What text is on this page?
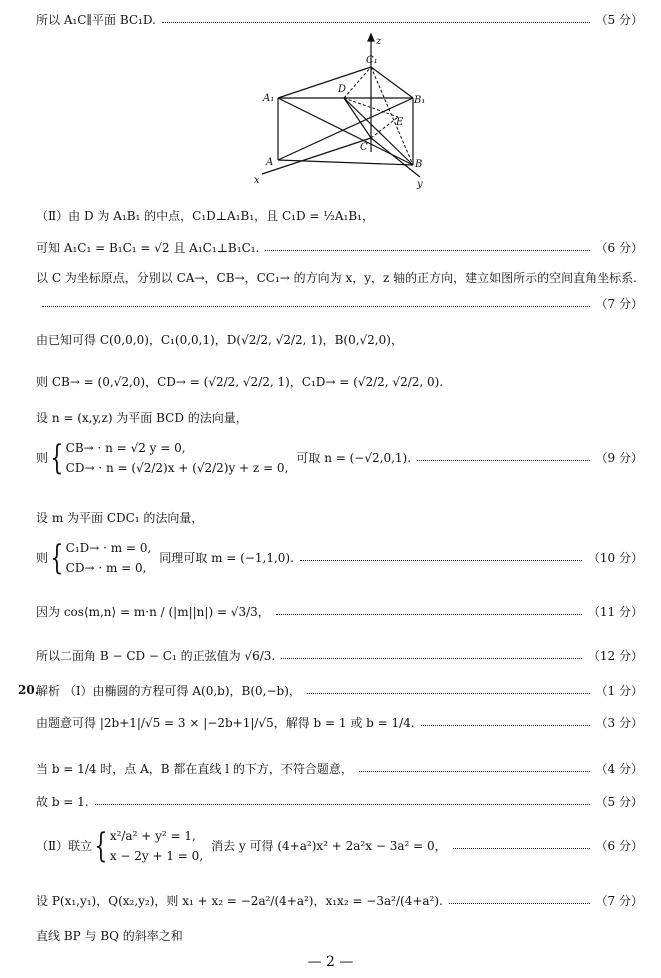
所以 A₁C∥平面 BC₁D.	（5 分）
z
C₁
A₁
D
B₁
E
C
A	B
x	y
（Ⅱ）由 D 为 A₁B₁ 的中点，C₁D⊥A₁B₁，且 C₁D = ½A₁B₁，
可知 A₁C₁ = B₁C₁ = √2 且 A₁C₁⊥B₁C₁.	（6 分）
以 C 为坐标原点，分别以 CA→，CB→，CC₁→ 的方向为 x，y，z 轴的正方向，建立如图所示的空间直角坐标系.
（7 分）
由已知可得 C(0,0,0)，C₁(0,0,1)，D(√2/2, √2/2, 1)，B(0,√2,0)，
则 CB→ = (0,√2,0)，CD→ = (√2/2, √2/2, 1)，C₁D→ = (√2/2, √2/2, 0).
设 n = (x,y,z) 为平面 BCD 的法向量，
则 { CB→ · n = √2 y = 0,
CD→ · n = (√2/2)x + (√2/2)y + z = 0,
可取 n = (−√2,0,1).	（9 分）
设 m 为平面 CDC₁ 的法向量，
则 { C₁D→ · m = 0,
CD→ · m = 0,
同理可取 m = (−1,1,0).	（10 分）
因为 cos⟨m,n⟩ = m·n / (|m||n|) = √3/3，	（11 分）
所以二面角 B − CD − C₁ 的正弦值为 √6/3.	（12 分）
20.
解析 （Ⅰ）由椭圆的方程可得 A(0,b)，B(0,−b)，	（1 分）
由题意可得 |2b+1|/√5 = 3 × |−2b+1|/√5，解得 b = 1 或 b = 1/4.	（3 分）
当 b = 1/4 时，点 A，B 都在直线 l 的下方，不符合题意，	（4 分）
故 b = 1.	（5 分）
（Ⅱ）联立 { x²/a² + y² = 1,
x − 2y + 1 = 0,
消去 y 可得 (4+a²)x² + 2a²x − 3a² = 0，	（6 分）
设 P(x₁,y₁)，Q(x₂,y₂)，则 x₁ + x₂ = −2a²/(4+a²)，x₁x₂ = −3a²/(4+a²).	（7 分）
直线 BP 与 BQ 的斜率之和
— 2 —
